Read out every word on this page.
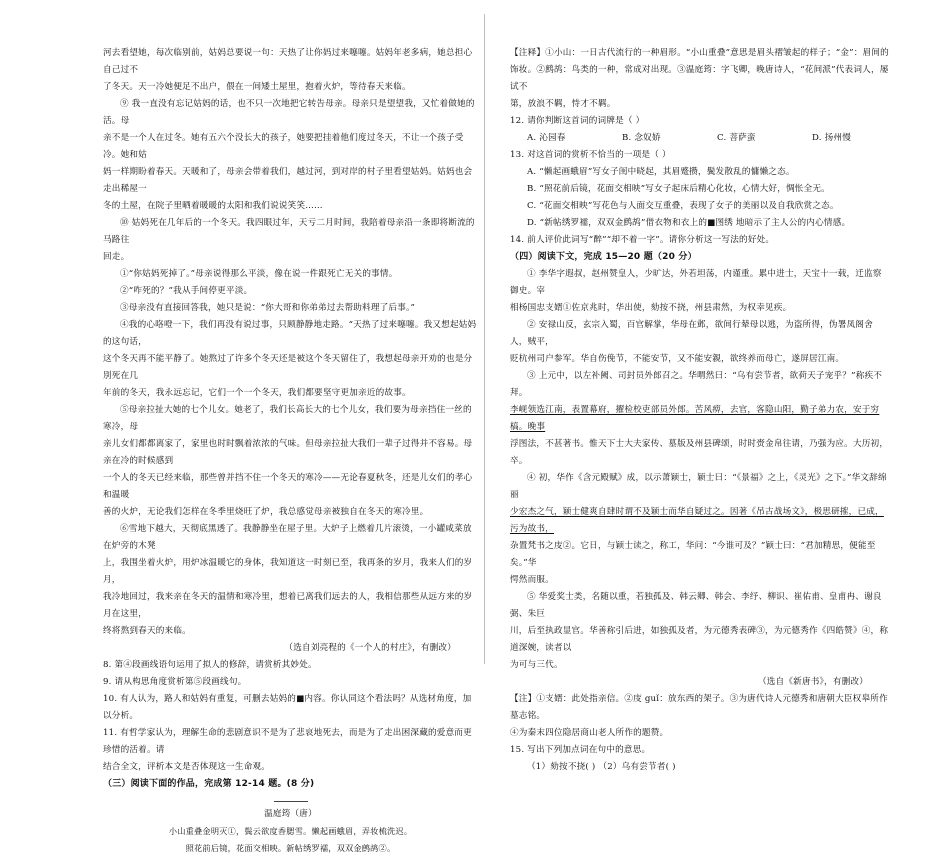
河去看望她，每次临别前，姑妈总要说一句：天热了让你妈过来噻噻。姑妈年老多病，她总担心自己过不

了冬天。天一冷她便足不出户，偎在一间矮土屋里，抱着火炉，等待春天来临。

⑨ 我一直没有忘记姑妈的话，也不只一次地把它转告母亲。母亲只是望望我，又忙着做她的活。母

亲不是一个人在过冬。她有五六个没长大的孩子，她要把挂着他们度过冬天，不让一个孩子受冷。她和姑

妈一样期盼着春天。天暖和了，母亲会带着我们，越过河，到对岸的村子里看望姑妈。姑妈也会走出稀屋一

冬的土屋，在院子里晒着暖暖的太阳和我们说说笑笑……

⑩ 姑妈死在几年后的一个冬天。我四眼过年，天亏二月时间，我陪着母亲沿一条即将断流的马路往

回走。

①“你姑妈死掉了。”母亲说得那么平淡，像在说一件跟死亡无关的事情。

②“咋死的？”我从手间停更平淡。

③母亲没有直接回答我，她只是说：“你大哥和你弟弟过去帮助料理了后事。”

④我的心咯噔一下，我们再没有说过事，只顾静静地走路。“天热了过来噻噻。我又想起姑妈的这句话，

这个冬天再不能平静了。她熬过了许多个冬天还是被这个冬天留住了，我想起母亲开劝的也是分別死在几

年前的冬天，我永远忘记，它们一个一个冬天，我们都要坚守更加亲近的故事。

⑤母亲拉扯大她的七个儿女。她老了，我们长高长大的七个儿女，我们要为母亲挡住一丝的寒冷，母

亲儿女们都都离家了，家里也时时飘着浓浓的气味。但母亲拉扯大我们一辈子过得并不容易。母亲在冷的时候感到

一个人的冬天已经来临，那些曾并挡不住一个冬天的寒冷——无论春夏秋冬，还是儿女们的孝心和温暖

善的火炉，无论我们怎样在冬季里烧旺了炉，我总感觉母亲被独自在冬天的寒冷里。

⑥雪地下越大，天彻底黑透了。我静静坐在屋子里。大炉子上燃着几片滚烫，一小罐咸菜放在炉旁的木凳

上，我围坐着火炉，用炉冰温暖它的身体，我知道这一时刻已至，我再条的岁月，我来人们的岁月，

我冷地回过，我来亲在冬天的温情和寒冷里，想着已离我们远去的人，我相信那些从远方来的岁月在这里，

终将熬到春天的来临。

（选自刘亮程的《一个人的村庄》，有删改）

8. 第④段画线语句运用了拟人的修辞，请赏析其妙处。

9. 请从构思角度赏析第⑤段画线句。

10. 有人认为，路人和姑妈有重复，可删去姑妈的■内容。你认同这个看法吗？从选材角度，加以分析。

11. 有哲学家认为，理解生命的悲剧意识不是为了悲哀地死去，而是为了走出困深藏的爱意而更珍惜的活着。请

结合全文，评析本文是否体现这一生命观。

（三）阅读下面的作品，完成第 12-14 题。(8 分)

温庭筠（唐）

小山重叠金明灭①，鬓云欲度香腮雪。懒起画蛾眉，弄妆梳洗迟。

照花前后镜，花面交相映。新帖绣罗襦，双双金鹧鸪②。

【注释】①小山：一日古代流行的一种眉形。“小山重叠”意思是眉头褶皱起的样子；“金”：眉间的

饰妆。②鹧鸪：鸟类的一种，常成对出现。③温庭筠：字飞卿，晚唐诗人，“花间派”代表词人，屡试不

第，放浪不羁，恃才不羁。

12. 请你判断这首词的词牌是（ ）

A. 沁园春	B. 念奴娇	C. 菩萨蛮	D. 扬州慢

13. 对这首词的赏析不恰当的一项是（ ）

A. “懒起画蛾眉”写女子闺中晓起，其眉蹙攒，鬓发散乱的慵懒之态。

B. “照花前后镜，花面交相映”写女子起床后精心化妆，心情大好，惆怅全无。

C. “花面交相映”写花色与人面交互重叠，表现了女子的美丽以及自我欣赏之态。

D. “新帖绣罗襦，双双金鹧鸪”借衣物和衣上的■图绣 地暗示了主人公的内心情感。

14. 前人评价此词写“醉”“却不着一字”。请你分析这一写法的好处。

（四）阅读下文，完成 15—20 题（20 分）

① 李华字遐叔，赵州赞皇人，少旷达，外若坦荡，内谨重。累中进士，天宝十一载，迁监察御史。宰

相杨国忠支婿①佐京兆时，华出使，劾按不挠，州县肃然，为权幸见疾。

② 安禄山反，玄宗入蜀，百官解掌，华母在邺，欲间行辇母以逃，为盗所得，伪署凤阁舍人，贼平，

贬杭州司户参军。华自伤俛节，不能安节，又不能安親，欲终养而母亡，遂屏居江南。

③ 上元中，以左补阙、司封员外郎召之。华喟然曰：“乌有尝节者，欲荷天子宠乎？”称疾不拜。

李岘领选江南，表置幕府，擢检校吏部员外郎。苦风痹，去官，客隐山阳，勤子弟力农，安于穷槁。晚事

浮图法，不甚著书。惟天下士大夫家传、墓版及州县碑颂，时时赍金帛往请，乃强为应。大历初，卒。

④ 初，华作《含元殿赋》成，以示萧颖士，颖士曰：“《景福》之上，《灵光》之下。”华文辞绵丽

少宏杰之气，颖士健爽自肆时谓不及颖士而华自疑过之。因著《吊古战场文》，极思研搉，已成，污为故书，

杂置梵书之庋②。它日，与颖士读之，称工，华问：“今谁可及？”颖士曰：“君加精思，便能至矣。”华

愕然而服。

⑤ 华爱奖士类，名随以重，若独孤及、韩云卿、韩会、李纾、柳识、崔佑甫、皇甫冉、谢良弼、朱巨

川，后至执政显官。华善称引后进，如独孤及者，为元德秀表碑③，为元德秀作《四皓赞》④，称道深婉，读者以

为可与三代。

（选自《新唐书》，有删改）

【注】①支婿：此处指亲信。②庋 guǐ：放东西的架子。③为唐代诗人元德秀和唐朝大臣权皋所作墓志铭。

④为秦末四位隐居商山老人所作的题赞。

15. 写出下列加点词在句中的意思。

（1）劾按不挠( ) （2）乌有尝节者( )
